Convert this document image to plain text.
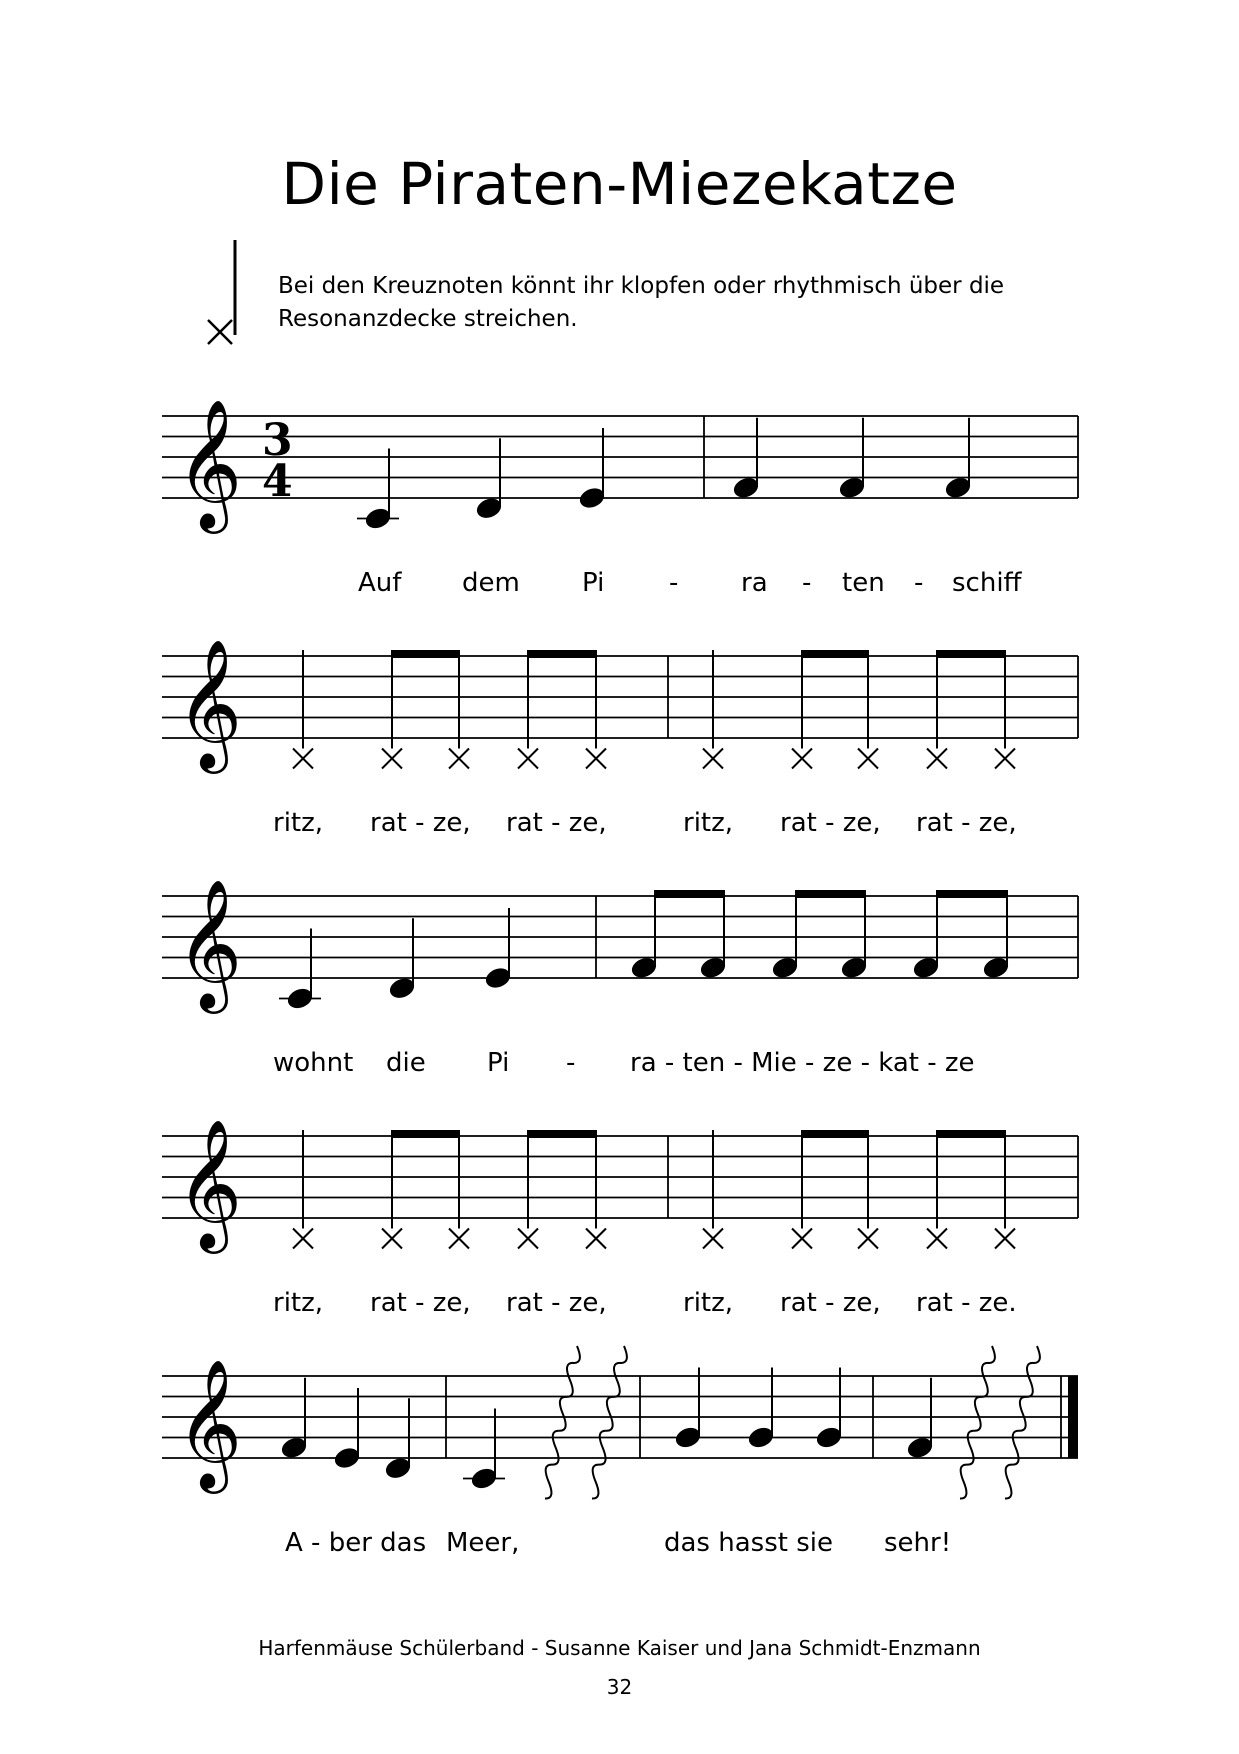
Die Piraten-Miezekatze
Bei den Kreuznoten könnt ihr klopfen oder rhythmisch über die
Resonanzdecke streichen.
𝄞 3
4
𝄞
𝄞
𝄞
𝄞
Auf dem Pi - ra - ten - schiff
ritz, rat - ze, rat - ze,	ritz, rat - ze, rat - ze,
wohnt die Pi - ra - ten - Mie - ze - kat - ze
ritz, rat - ze, rat - ze,	ritz, rat - ze, rat - ze.
A - ber das Meer,	das hasst sie sehr!
Harfenmäuse Schülerband - Susanne Kaiser und Jana Schmidt-Enzmann
32
